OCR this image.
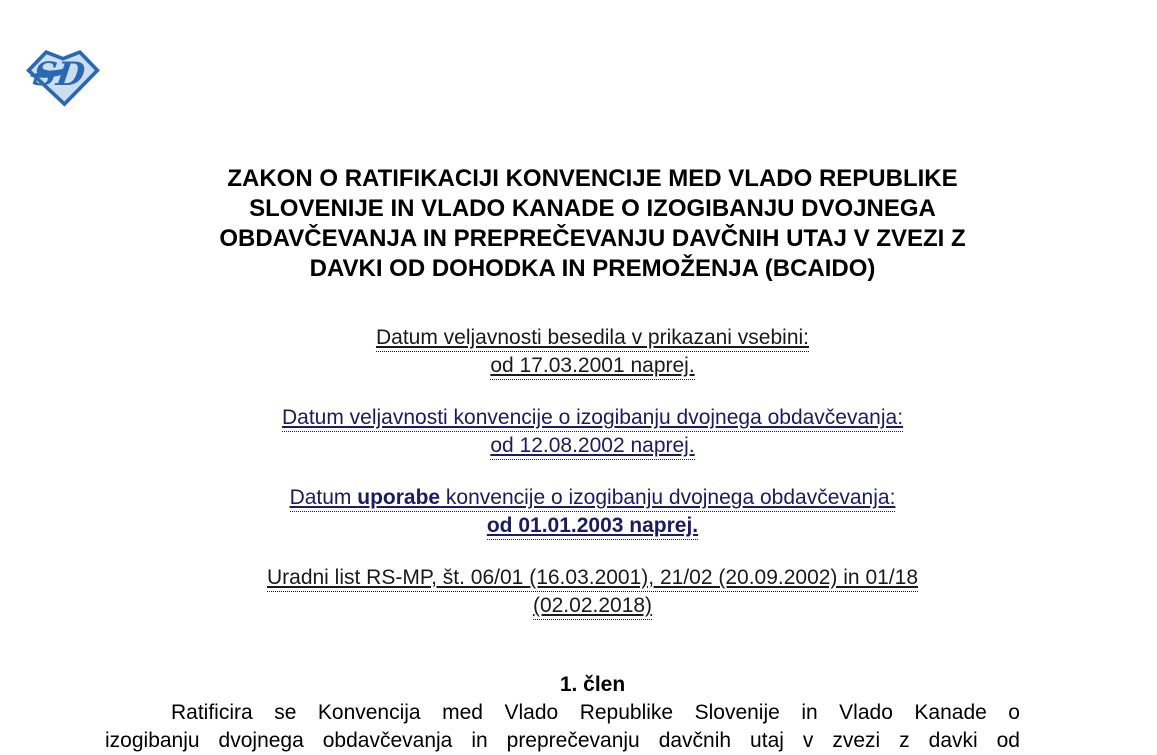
SD
ZAKON O RATIFIKACIJI KONVENCIJE MED VLADO REPUBLIKE
SLOVENIJE IN VLADO KANADE O IZOGIBANJU DVOJNEGA
OBDAVČEVANJA IN PREPREČEVANJU DAVČNIH UTAJ V ZVEZI Z
DAVKI OD DOHODKA IN PREMOŽENJA (BCAIDO)
Datum veljavnosti besedila v prikazani vsebini:
od 17.03.2001 naprej.
Datum veljavnosti konvencije o izogibanju dvojnega obdavčevanja:
od 12.08.2002 naprej.
Datum uporabe konvencije o izogibanju dvojnega obdavčevanja:
od 01.01.2003 naprej.
Uradni list RS-MP, št. 06/01 (16.03.2001), 21/02 (20.09.2002) in 01/18
(02.02.2018)
1. člen
Ratificira se Konvencija med Vlado Republike Slovenije in Vlado Kanade o
izogibanju dvojnega obdavčevanja in preprečevanju davčnih utaj v zvezi z davki od
